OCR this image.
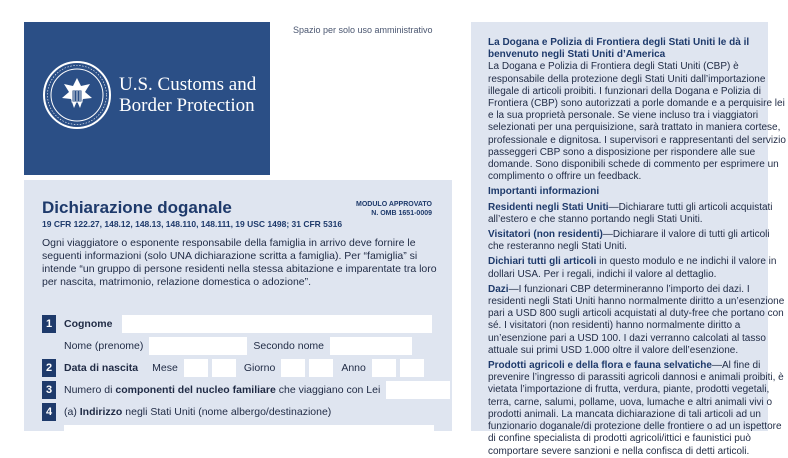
U.S. Customs and
Border Protection
Spazio per solo uso amministrativo
Dichiarazione doganale	MODULO APPROVATO
N. OMB 1651-0009
19 CFR 122.27, 148.12, 148.13, 148.110, 148.111, 19 USC 1498; 31 CFR 5316
Ogni viaggiatore o esponente responsabile della famiglia in arrivo deve fornire le seguenti informazioni (solo UNA dichiarazione scritta a famiglia). Per “famiglia” si intende “un gruppo di persone residenti nella stessa abitazione e imparentate tra loro per nascita, matrimonio, relazione domestica o adozione”.
1	Cognome
Nome (prenome)	Secondo nome
2	Data di nascita Mese	Giorno	Anno
3	Numero di componenti del nucleo familiare che viaggiano con Lei
4	(a) Indirizzo negli Stati Uniti (nome albergo/destinazione)
La Dogana e Polizia di Frontiera degli Stati Uniti le dà il benvenuto negli Stati Uniti d’America
La Dogana e Polizia di Frontiera degli Stati Uniti (CBP) è responsabile della protezione degli Stati Uniti dall’importazione illegale di articoli proibiti. I funzionari della Dogana e Polizia di Frontiera (CBP) sono autorizzati a porle domande e a perquisire lei e la sua proprietà personale. Se viene incluso tra i viaggiatori selezionati per una perquisizione, sarà trattato in maniera cortese, professionale e dignitosa. I supervisori e rappresentanti del servizio passeggeri CBP sono a disposizione per rispondere alle sue domande. Sono disponibili schede di commento per esprimere un complimento o offrire un feedback.
Importanti informazioni
Residenti negli Stati Uniti—Dichiarare tutti gli articoli acquistati all’estero e che stanno portando negli Stati Uniti.
Visitatori (non residenti)—Dichiarare il valore di tutti gli articoli che resteranno negli Stati Uniti.
Dichiari tutti gli articoli in questo modulo e ne indichi il valore in dollari USA. Per i regali, indichi il valore al dettaglio.
Dazi—I funzionari CBP determineranno l’importo dei dazi. I residenti negli Stati Uniti hanno normalmente diritto a un’esenzione pari a USD 800 sugli articoli acquistati al duty-free che portano con sé. I visitatori (non residenti) hanno normalmente diritto a un’esenzione pari a USD 100. I dazi verranno calcolati al tasso attuale sui primi USD 1.000 oltre il valore dell’esenzione.
Prodotti agricoli e della flora e fauna selvatiche—Al fine di prevenire l’ingresso di parassiti agricoli dannosi e animali proibiti, è vietata l’importazione di frutta, verdura, piante, prodotti vegetali, terra, carne, salumi, pollame, uova, lumache e altri animali vivi o prodotti animali. La mancata dichiarazione di tali articoli ad un funzionario doganale/di protezione delle frontiere o ad un ispettore di confine specialista di prodotti agricoli/ittici e faunistici può comportare severe sanzioni e nella confisca di detti articoli.
